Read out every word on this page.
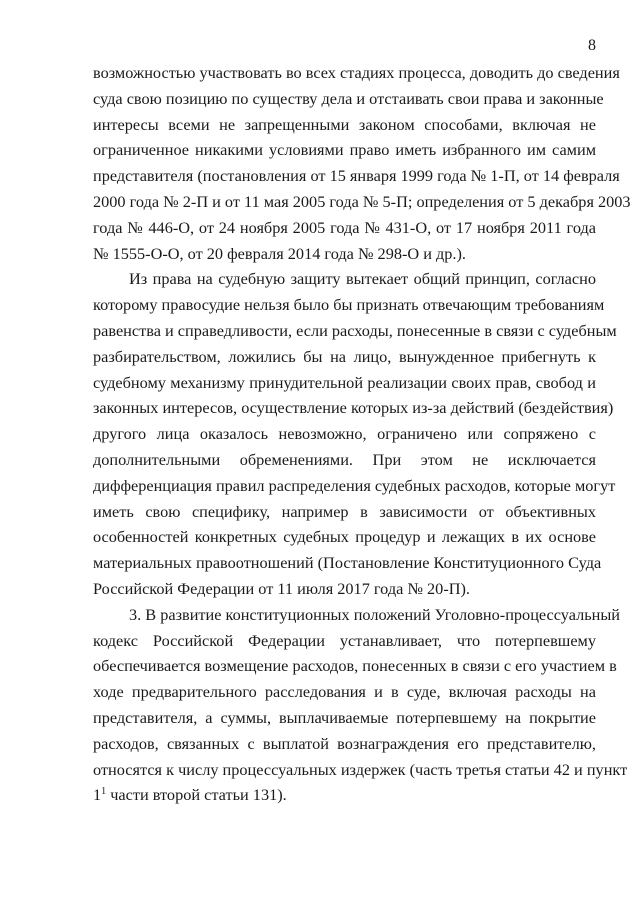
8
возможностью участвовать во всех стадиях процесса, доводить до сведения
суда свою позицию по существу дела и отстаивать свои права и законные
интересы всеми не запрещенными законом способами, включая не
ограниченное никакими условиями право иметь избранного им самим
представителя (постановления от 15 января 1999 года № 1-П, от 14 февраля
2000 года № 2-П и от 11 мая 2005 года № 5-П; определения от 5 декабря 2003
года № 446-О, от 24 ноября 2005 года № 431-О, от 17 ноября 2011 года
№ 1555-О-О, от 20 февраля 2014 года № 298-О и др.).
Из права на судебную защиту вытекает общий принцип, согласно
которому правосудие нельзя было бы признать отвечающим требованиям
равенства и справедливости, если расходы, понесенные в связи с судебным
разбирательством, ложились бы на лицо, вынужденное прибегнуть к
судебному механизму принудительной реализации своих прав, свобод и
законных интересов, осуществление которых из-за действий (бездействия)
другого лица оказалось невозможно, ограничено или сопряжено с
дополнительными обременениями. При этом не исключается
дифференциация правил распределения судебных расходов, которые могут
иметь свою специфику, например в зависимости от объективных
особенностей конкретных судебных процедур и лежащих в их основе
материальных правоотношений (Постановление Конституционного Суда
Российской Федерации от 11 июля 2017 года № 20-П).
3. В развитие конституционных положений Уголовно-процессуальный
кодекс Российской Федерации устанавливает, что потерпевшему
обеспечивается возмещение расходов, понесенных в связи с его участием в
ходе предварительного расследования и в суде, включая расходы на
представителя, а суммы, выплачиваемые потерпевшему на покрытие
расходов, связанных с выплатой вознаграждения его представителю,
относятся к числу процессуальных издержек (часть третья статьи 42 и пункт
$1^1$ части второй статьи 131).
